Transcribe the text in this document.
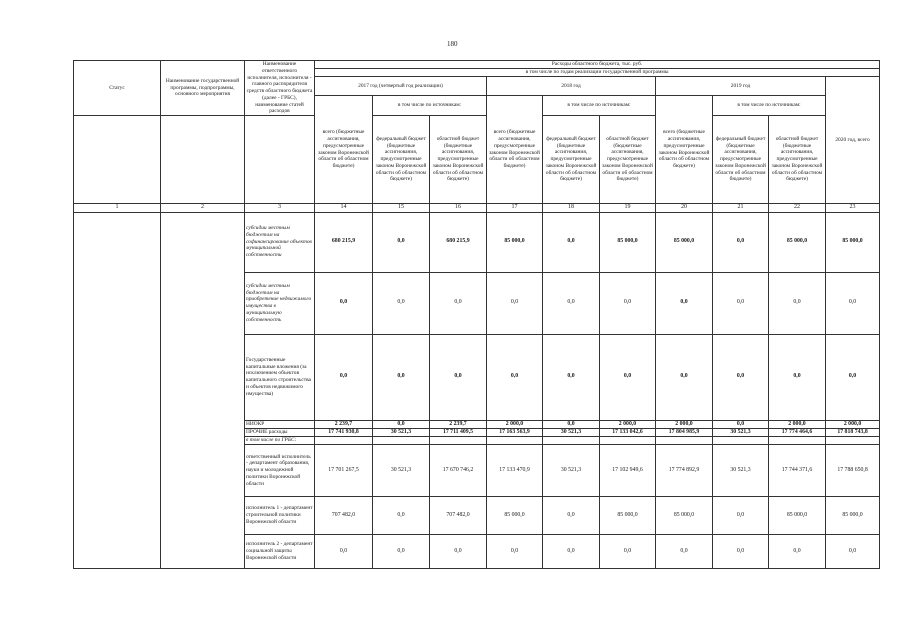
180
Статус	Наименование государственной программы, подпрограммы, основного мероприятия	Наименование ответственного исполнителя, исполнителя - главного распорядителя средств областного бюджета (далее - ГРБС), наименование статей расходов	Расходы областного бюджета, тыс. руб.									
			в том числе по годам реализации государственной программы									
			2017 год (четвертый год реализации)			2018 год			2019 год			2020 год, всего
			всего (бюджетные ассигнования, предусмотренные законом Воронежской области об областном бюджете)	в том числе по источникам:		всего (бюджетные ассигнования, предусмотренные законом Воронежской области об областном бюджете)	в том числе по источникам:		всего (бюджетные ассигнования, предусмотренные законом Воронежской области об областном бюджете)	в том числе по источникам:		
				федеральный бюджет (бюджетные ассигнования, предусмотренные законом Воронежской области об областном бюджете)	областной бюджет (бюджетные ассигнования, предусмотренные законом Воронежской области об областном бюджете)		федеральный бюджет (бюджетные ассигнования, предусмотренные законом Воронежской области об областном бюджете)	областной бюджет (бюджетные ассигнования, предусмотренные законом Воронежской области об областном бюджете)		федеральный бюджет (бюджетные ассигнования, предусмотренные законом Воронежской области об областном бюджете)	областной бюджет (бюджетные ассигнования, предусмотренные законом Воронежской области об областном бюджете)	
1	2	3	14	15	16	17	18	19	20	21	22	23
		субсидии местным бюджетам на софинансирование объектов муниципальной собственности	680 215,9	0,0	680 215,9	85 000,0	0,0	85 000,0	85 000,0	0,0	85 000,0	85 000,0
		субсидии местным бюджетам на приобретение недвижимого имущества в муниципальную собственность	0,0	0,0	0,0	0,0	0,0	0,0	0,0	0,0	0,0	0,0
		Государственные капитальные вложения (за исключением объектов капитального строительства и объектов недвижимого имущества)	0,0	0,0	0,0	0,0	0,0	0,0	0,0	0,0	0,0	0,0
		НИОКР	2 239,7	0,0	2 239,7	2 000,0	0,0	2 000,0	2 000,0	0,0	2 000,0	2 000,0
		ПРОЧИЕ расходы	17 741 930,8	30 521,3	17 711 409,5	17 163 563,9	30 521,3	17 133 042,6	17 804 985,9	30 521,3	17 774 464,6	17 818 743,8
		в том числе по ГРБС:										
		ответственный исполнитель - департамент образования, науки и молодежной политики Воронежской области	17 701 267,5	30 521,3	17 670 746,2	17 133 470,9	30 521,3	17 102 949,6	17 774 892,9	30 521,3	17 744 371,6	17 788 650,8
		исполнитель 1 - департамент строительной политики Воронежской области	707 482,0	0,0	707 482,0	85 000,0	0,0	85 000,0	85 000,0	0,0	85 000,0	85 000,0
		исполнитель 2 - департамент социальной защиты Воронежской области	0,0	0,0	0,0	0,0	0,0	0,0	0,0	0,0	0,0	0,0
